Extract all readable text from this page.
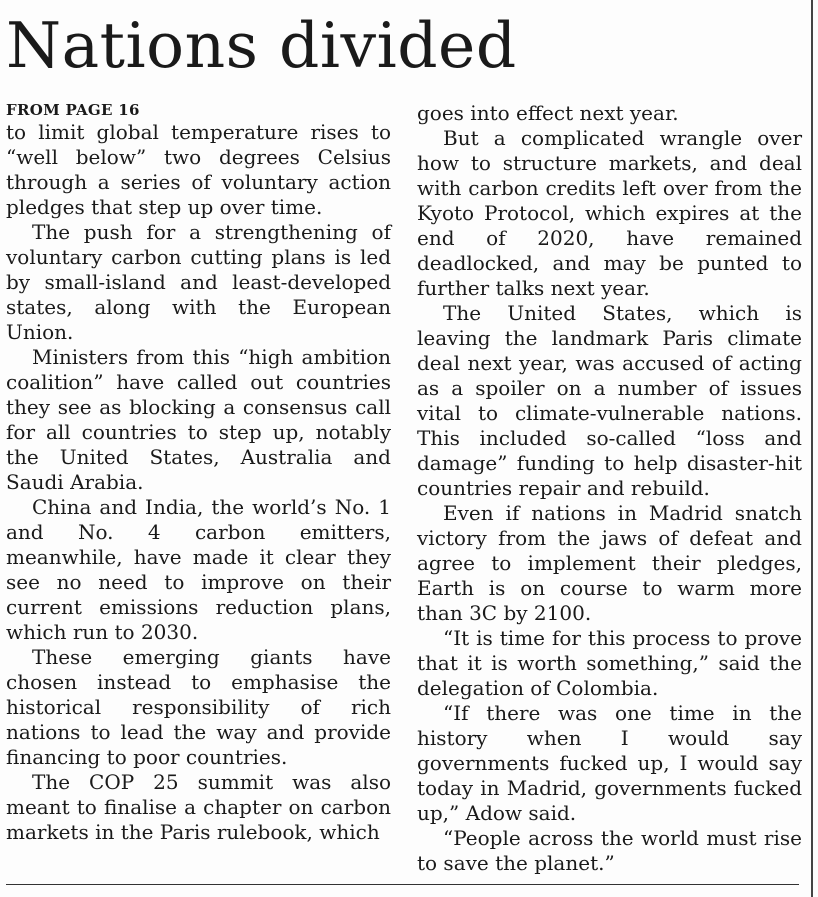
Nations divided
FROM PAGE 16

to limit global temperature rises to “well below” two degrees Celsius through a series of voluntary action pledges that step up over time.

The push for a strengthening of voluntary carbon cutting plans is led by small-island and least-developed states, along with the European Union.

Ministers from this “high ambition coalition” have called out countries they see as blocking a consensus call for all countries to step up, notably the United States, Australia and Saudi Arabia.

China and India, the world’s No. 1 and No. 4 carbon emitters, meanwhile, have made it clear they see no need to improve on their current emissions reduction plans, which run to 2030.

These emerging giants have chosen instead to emphasise the historical responsibility of rich nations to lead the way and provide financing to poor countries.

The COP 25 summit was also meant to finalise a chapter on carbon markets in the Paris rulebook, which

goes into effect next year.

But a complicated wrangle over how to structure markets, and deal with carbon credits left over from the Kyoto Protocol, which expires at the end of 2020, have remained deadlocked, and may be punted to further talks next year.

The United States, which is leaving the landmark Paris climate deal next year, was accused of acting as a spoiler on a number of issues vital to climate-vulnerable nations. This included so-called “loss and damage” funding to help disaster-hit countries repair and rebuild.

Even if nations in Madrid snatch victory from the jaws of defeat and agree to implement their pledges, Earth is on course to warm more than 3C by 2100.

“It is time for this process to prove that it is worth something,” said the delegation of Colombia.

“If there was one time in the history when I would say governments fucked up, I would say today in Madrid, governments fucked up,” Adow said.

“People across the world must rise to save the planet.”
